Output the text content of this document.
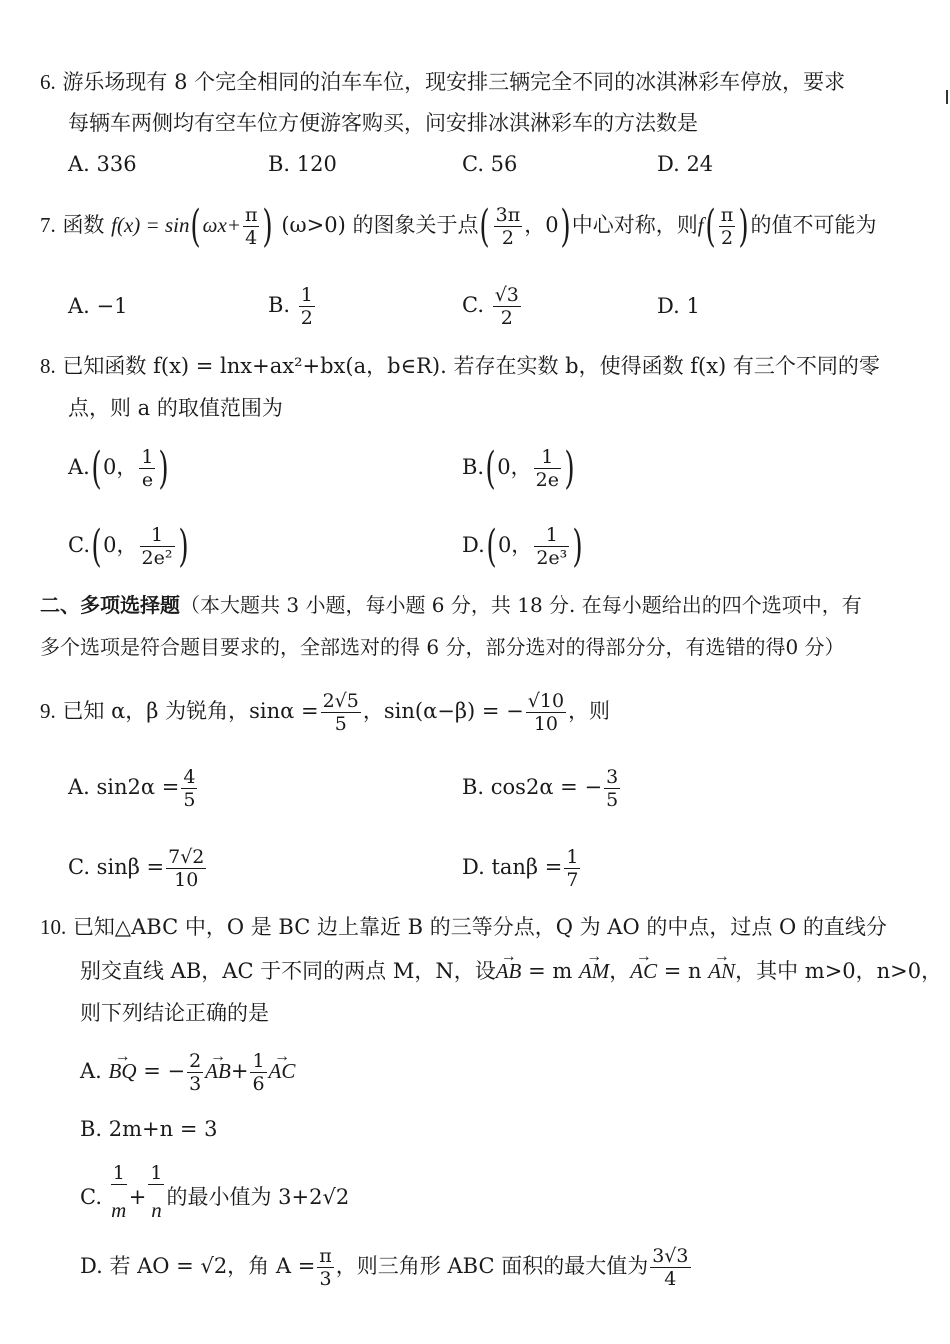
6. 游乐场现有 8 个完全相同的泊车车位，现安排三辆完全不同的冰淇淋彩车停放，要求
每辆车两侧均有空车位方便游客购买，问安排冰淇淋彩车的方法数是
A. 336	B. 120	C. 56	D. 24
7. 函数 $f(x) = \sin(\omega x+ \frac{\pi}{4}$ ) (ω>0) 的图象关于点( $\frac{3\pi}{2}$ ，0)中心对称，则$f( \frac{\pi}{2}$ )的值不可能为
A. −1	B. $\frac{1}{2}$	C. $\frac{√3}{2}$	D. 1
8. 已知函数 f(x) = lnx+ax²+bx(a，b∈R). 若存在实数 b，使得函数 f(x) 有三个不同的零
点，则 a 的取值范围为
A.(0， $\frac{1}{e}$ )	B.(0， $\frac{1}{2e}$ )
C.(0， $\frac{1}{\text{2e²}}$ )	D.(0， $\frac{1}{\text{2e³}}$ )
二、多项选择题（本大题共 3 小题，每小题 6 分，共 18 分. 在每小题给出的四个选项中，有
多个选项是符合题目要求的，全部选对的得 6 分，部分选对的得部分分，有选错的得0 分）
9. 已知 α，β 为锐角，$\sin\alpha = \frac{2√5}{5}$ ，sin(α−β) = − $\frac{√10}{10}$ ，则
A. $\sin 2\alpha = \frac{4}{5}$	B. cos2α = − $\frac{3}{5}$
C. $\sin\beta = \frac{7√2}{10}$	D. $\tan\beta = \frac{1}{7}$
10. 已知△ABC 中，O 是 BC 边上靠近 B 的三等分点，Q 为 AO 的中点，过点 O 的直线分
别交直线 AB，AC 于不同的两点 M，N，设→ AB = m → AM，→ AC = n → AN，其中 m>0，n>0，
则下列结论正确的是
A. → BQ = − $\frac{2}{3} \to AB+ \frac{1}{6}$ → AC
B. 2m+n = 3
C. $\frac{1}{m}+ \frac{1}{n}$的最小值为 3+2√2
D. 若 AO = √2，角 $A = \frac{\pi}{3}$ ，则三角形 ABC 面积的最大值为 $\frac{3√3}{4}$
